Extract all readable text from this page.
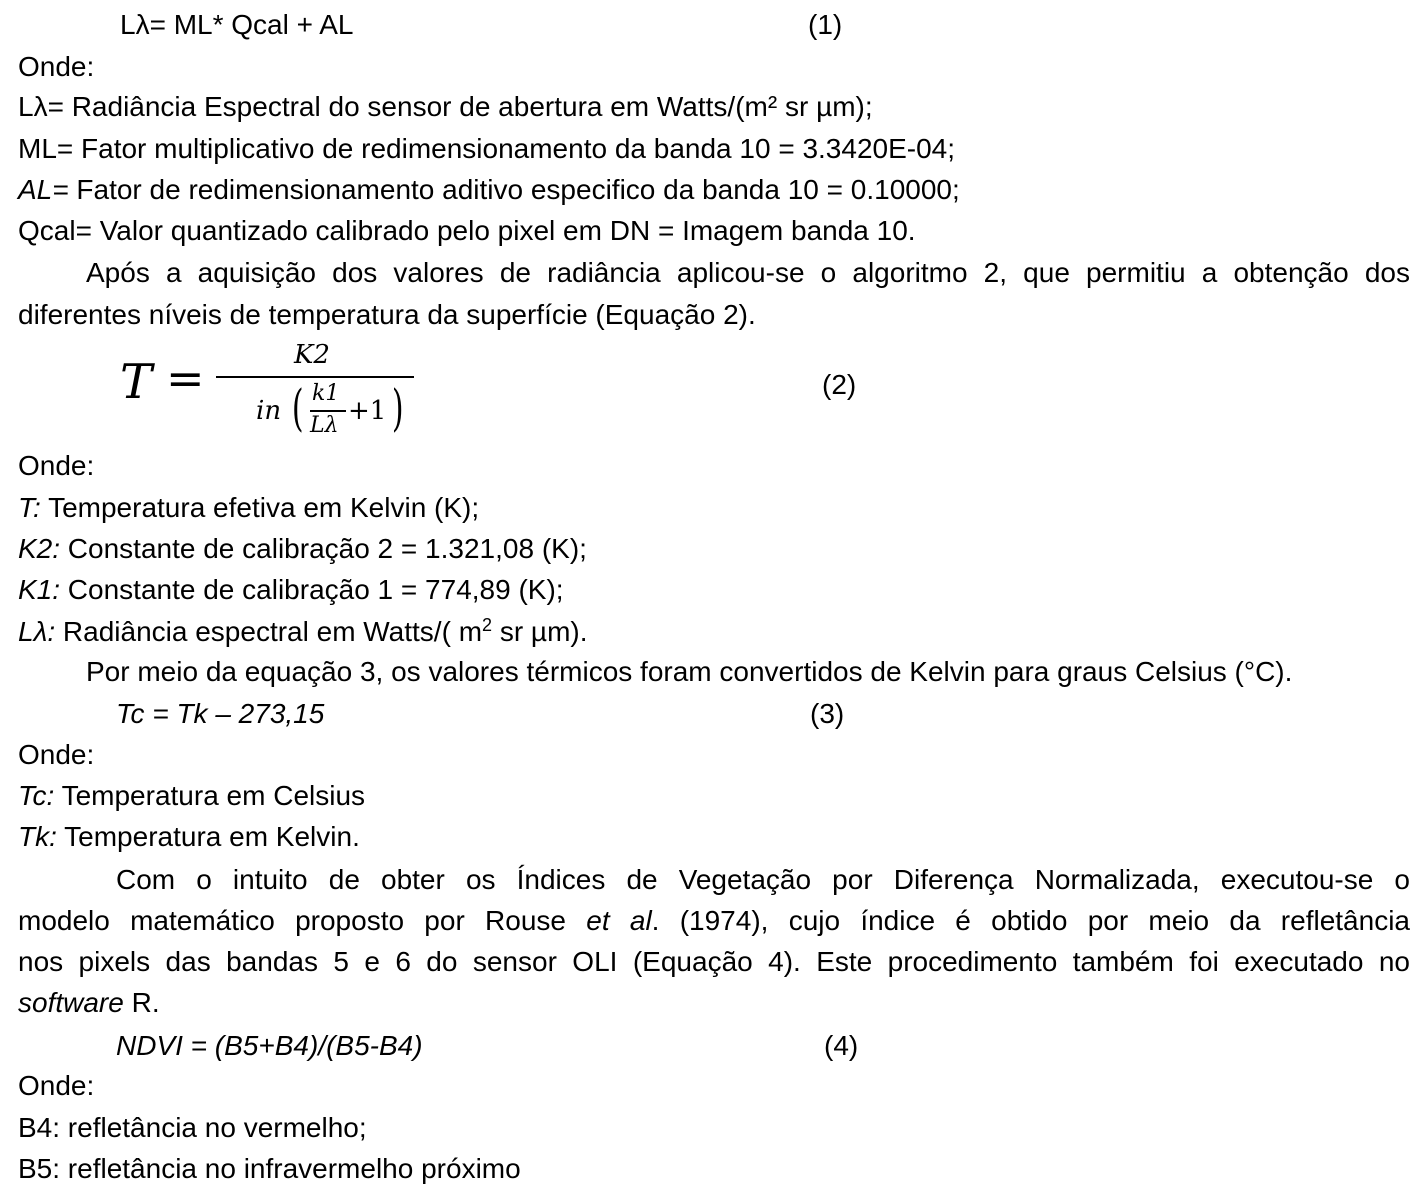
Lλ= ML* Qcal + AL	(1)
Onde:
Lλ= Radiância Espectral do sensor de abertura em Watts/(m² sr µm);
ML= Fator multiplicativo de redimensionamento da banda 10 = 3.3420E-04;
AL= Fator de redimensionamento aditivo especifico da banda 10 = 0.10000;
Qcal= Valor quantizado calibrado pelo pixel em DN = Imagem banda 10.
Após a aquisição dos valores de radiância aplicou-se o algoritmo 2, que permitiu a obtenção dos
diferentes níveis de temperatura da superfície (Equação 2).
T =	K2
in ( k1
Lλ +1 )	(2)
Onde:
T: Temperatura efetiva em Kelvin (K);
K2: Constante de calibração 2 = 1.321,08 (K);
K1: Constante de calibração 1 = 774,89 (K);
Lλ: Radiância espectral em Watts/( $m^2$ sr µm).
Por meio da equação 3, os valores térmicos foram convertidos de Kelvin para graus Celsius (°C).
Tc = Tk – 273,15	(3)
Onde:
Tc: Temperatura em Celsius
Tk: Temperatura em Kelvin.
Com o intuito de obter os Índices de Vegetação por Diferença Normalizada, executou-se o
modelo matemático proposto por Rouse et al. (1974), cujo índice é obtido por meio da refletância
nos pixels das bandas 5 e 6 do sensor OLI (Equação 4). Este procedimento também foi executado no
software R.
NDVI = (B5+B4)/(B5-B4)	(4)
Onde:
B4: refletância no vermelho;
B5: refletância no infravermelho próximo
